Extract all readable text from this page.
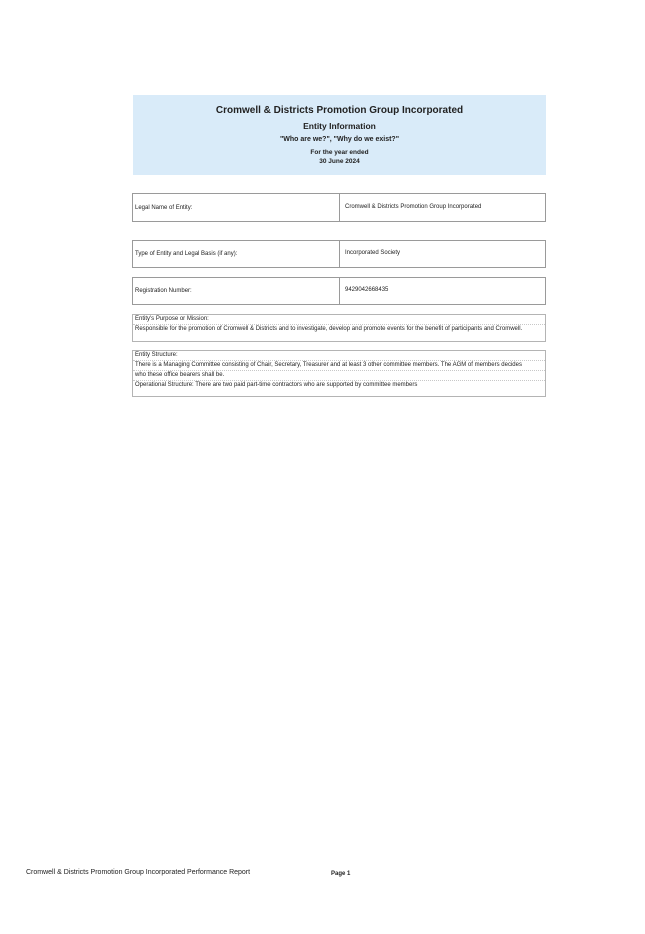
Cromwell & Districts Promotion Group Incorporated
Entity Information
"Who are we?", "Why do we exist?"
For the year ended
30 June 2024
Legal Name of Entity:	Cromwell & Districts Promotion Group Incorporated
Type of Entity and Legal Basis (if any):	Incorporated Society
Registration Number:	9429042668435
Entity's Purpose or Mission:
Responsible for the promotion of Cromwell & Districts and to investigate, develop and promote events for the benefit of participants and Cromwell.
Entity Structure:
There is a Managing Committee consisting of Chair, Secretary, Treasurer and at least 3 other committee members. The AGM of members decides
who these office bearers shall be.
Operational Structure: There are two paid part-time contractors who are supported by committee members
Cromwell & Districts Promotion Group Incorporated Performance Report	Page 1
